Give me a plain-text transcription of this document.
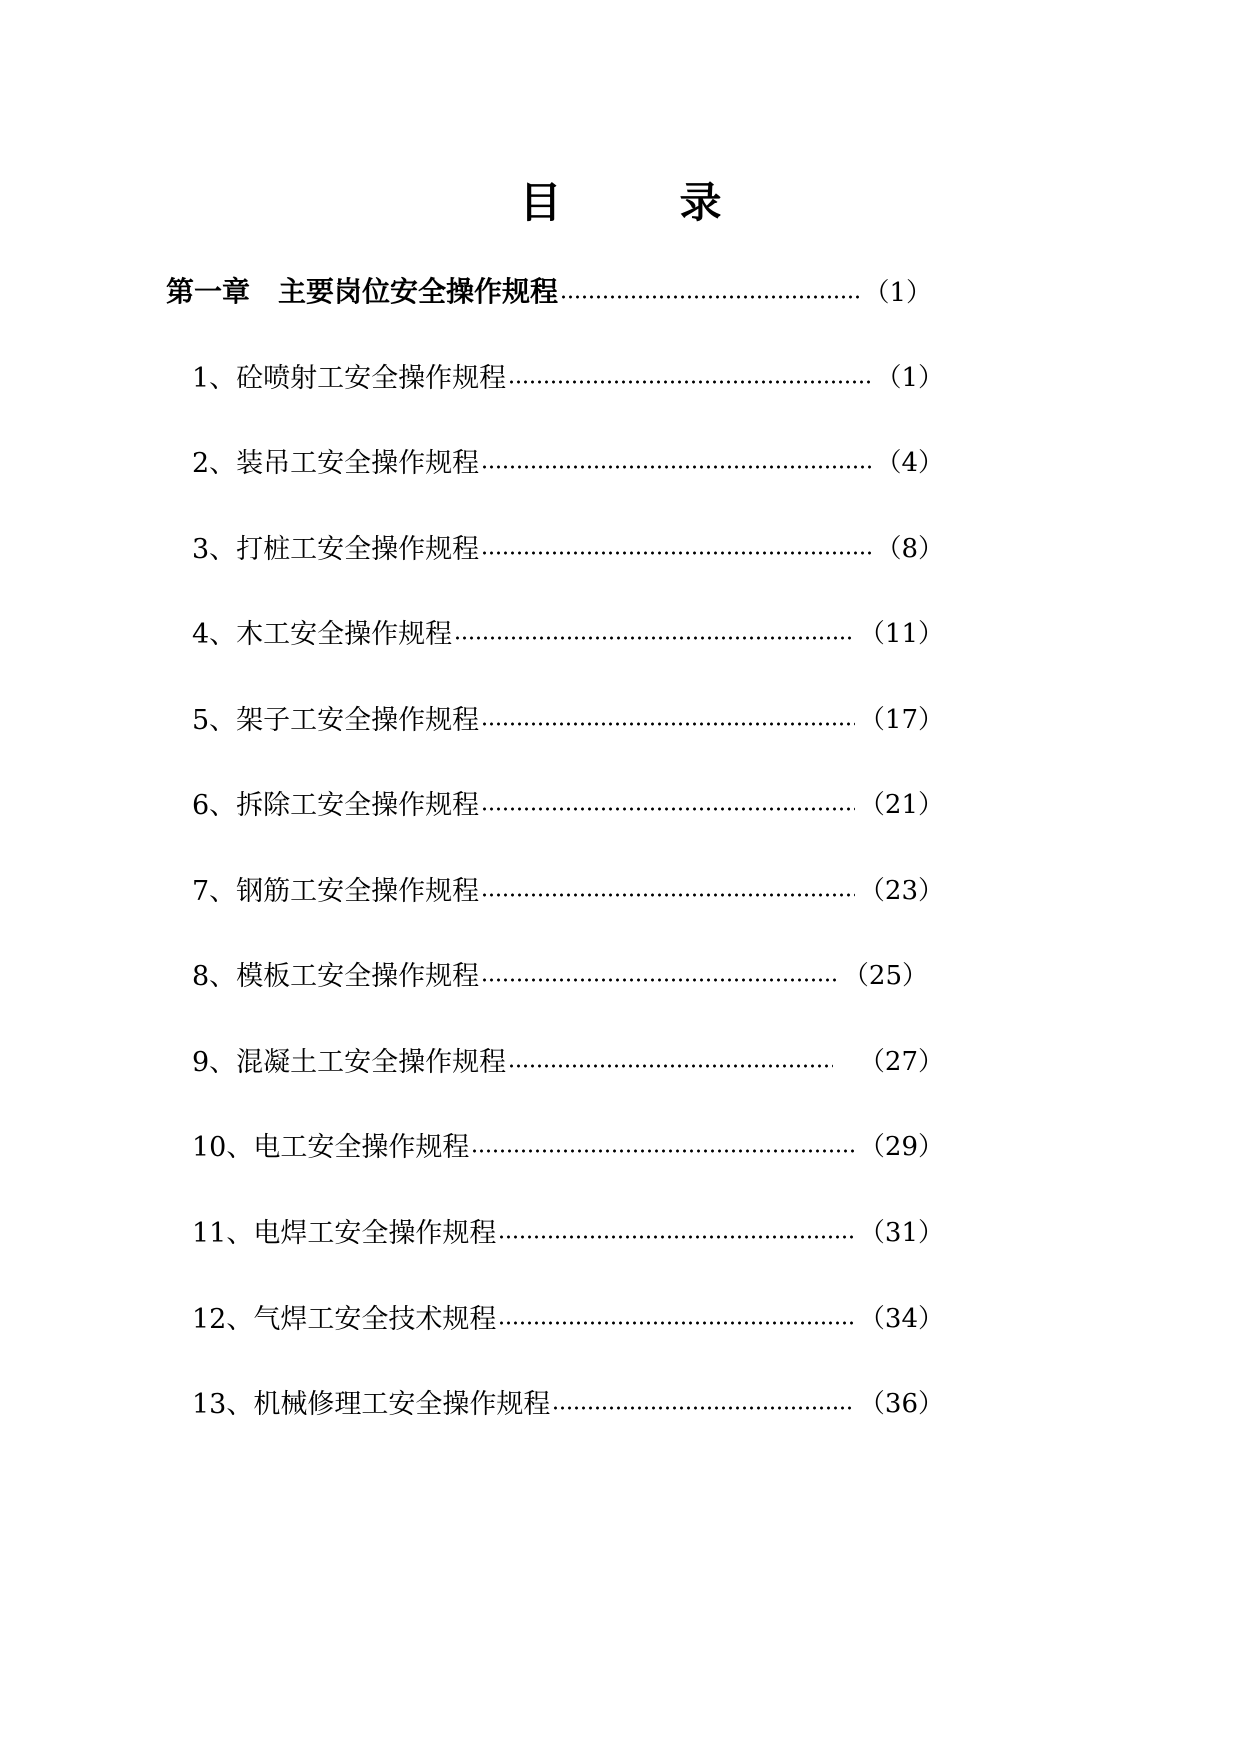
目	录
第一章　主要岗位安全操作规程	（1）
1、砼喷射工安全操作规程	（1）
2、装吊工安全操作规程	（4）
3、打桩工安全操作规程	（8）
4、木工安全操作规程	（11）
5、架子工安全操作规程	（17）
6、拆除工安全操作规程	（21）
7、钢筋工安全操作规程	（23）
8、模板工安全操作规程	（25）
9、混凝土工安全操作规程	（27）
10、电工安全操作规程	（29）
11、电焊工安全操作规程	（31）
12、气焊工安全技术规程	（34）
13、机械修理工安全操作规程	（36）
